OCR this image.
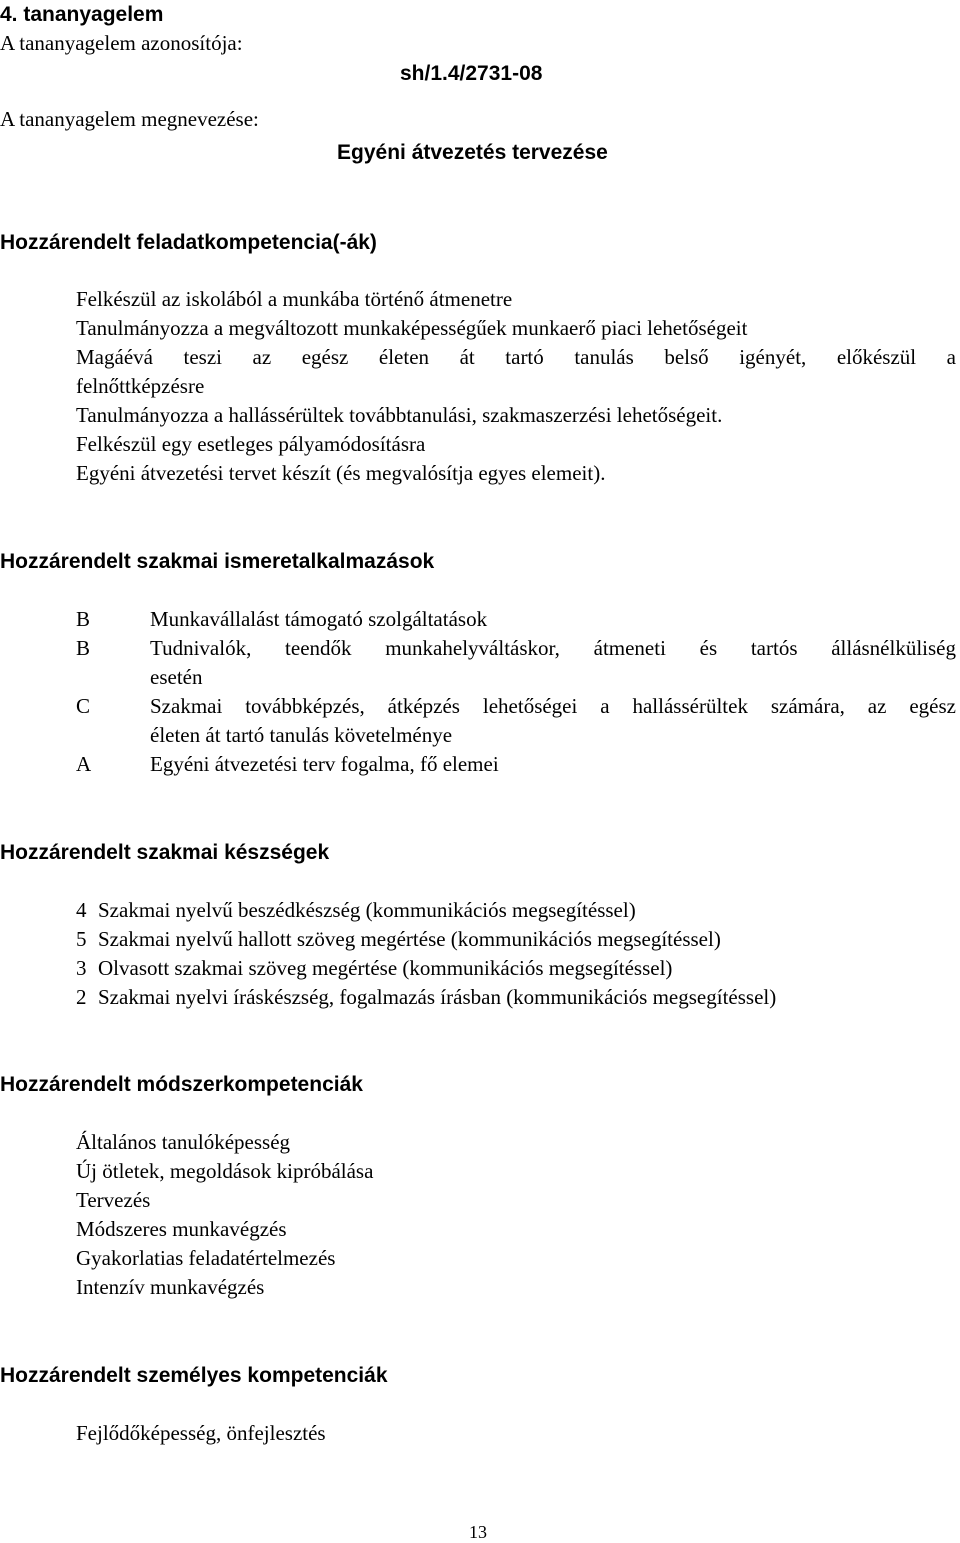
4. tananyagelem
A tananyagelem azonosítója:
sh/1.4/2731-08
A tananyagelem megnevezése:
Egyéni átvezetés tervezése
Hozzárendelt feladatkompetencia(-ák)
Felkészül az iskolából a munkába történő átmenetre
Tanulmányozza a megváltozott munkaképességűek munkaerő piaci lehetőségeit
Magáévá teszi az egész életen át tartó tanulás belső igényét, előkészül a
felnőttképzésre
Tanulmányozza a hallássérültek továbbtanulási, szakmaszerzési lehetőségeit.
Felkészül egy esetleges pályamódosításra
Egyéni átvezetési tervet készít (és megvalósítja egyes elemeit).
Hozzárendelt szakmai ismeretalkalmazások
B	Munkavállalást támogató szolgáltatások
B	Tudnivalók, teendők munkahelyváltáskor, átmeneti és tartós állásnélküliség
esetén
C	Szakmai továbbképzés, átképzés lehetőségei a hallássérültek számára, az egész
életen át tartó tanulás követelménye
A	Egyéni átvezetési terv fogalma, fő elemei
Hozzárendelt szakmai készségek
4 Szakmai nyelvű beszédkészség (kommunikációs megsegítéssel)
5 Szakmai nyelvű hallott szöveg megértése (kommunikációs megsegítéssel)
3 Olvasott szakmai szöveg megértése (kommunikációs megsegítéssel)
2 Szakmai nyelvi íráskészség, fogalmazás írásban (kommunikációs megsegítéssel)
Hozzárendelt módszerkompetenciák
Általános tanulóképesség
Új ötletek, megoldások kipróbálása
Tervezés
Módszeres munkavégzés
Gyakorlatias feladatértelmezés
Intenzív munkavégzés
Hozzárendelt személyes kompetenciák
Fejlődőképesség, önfejlesztés
13
